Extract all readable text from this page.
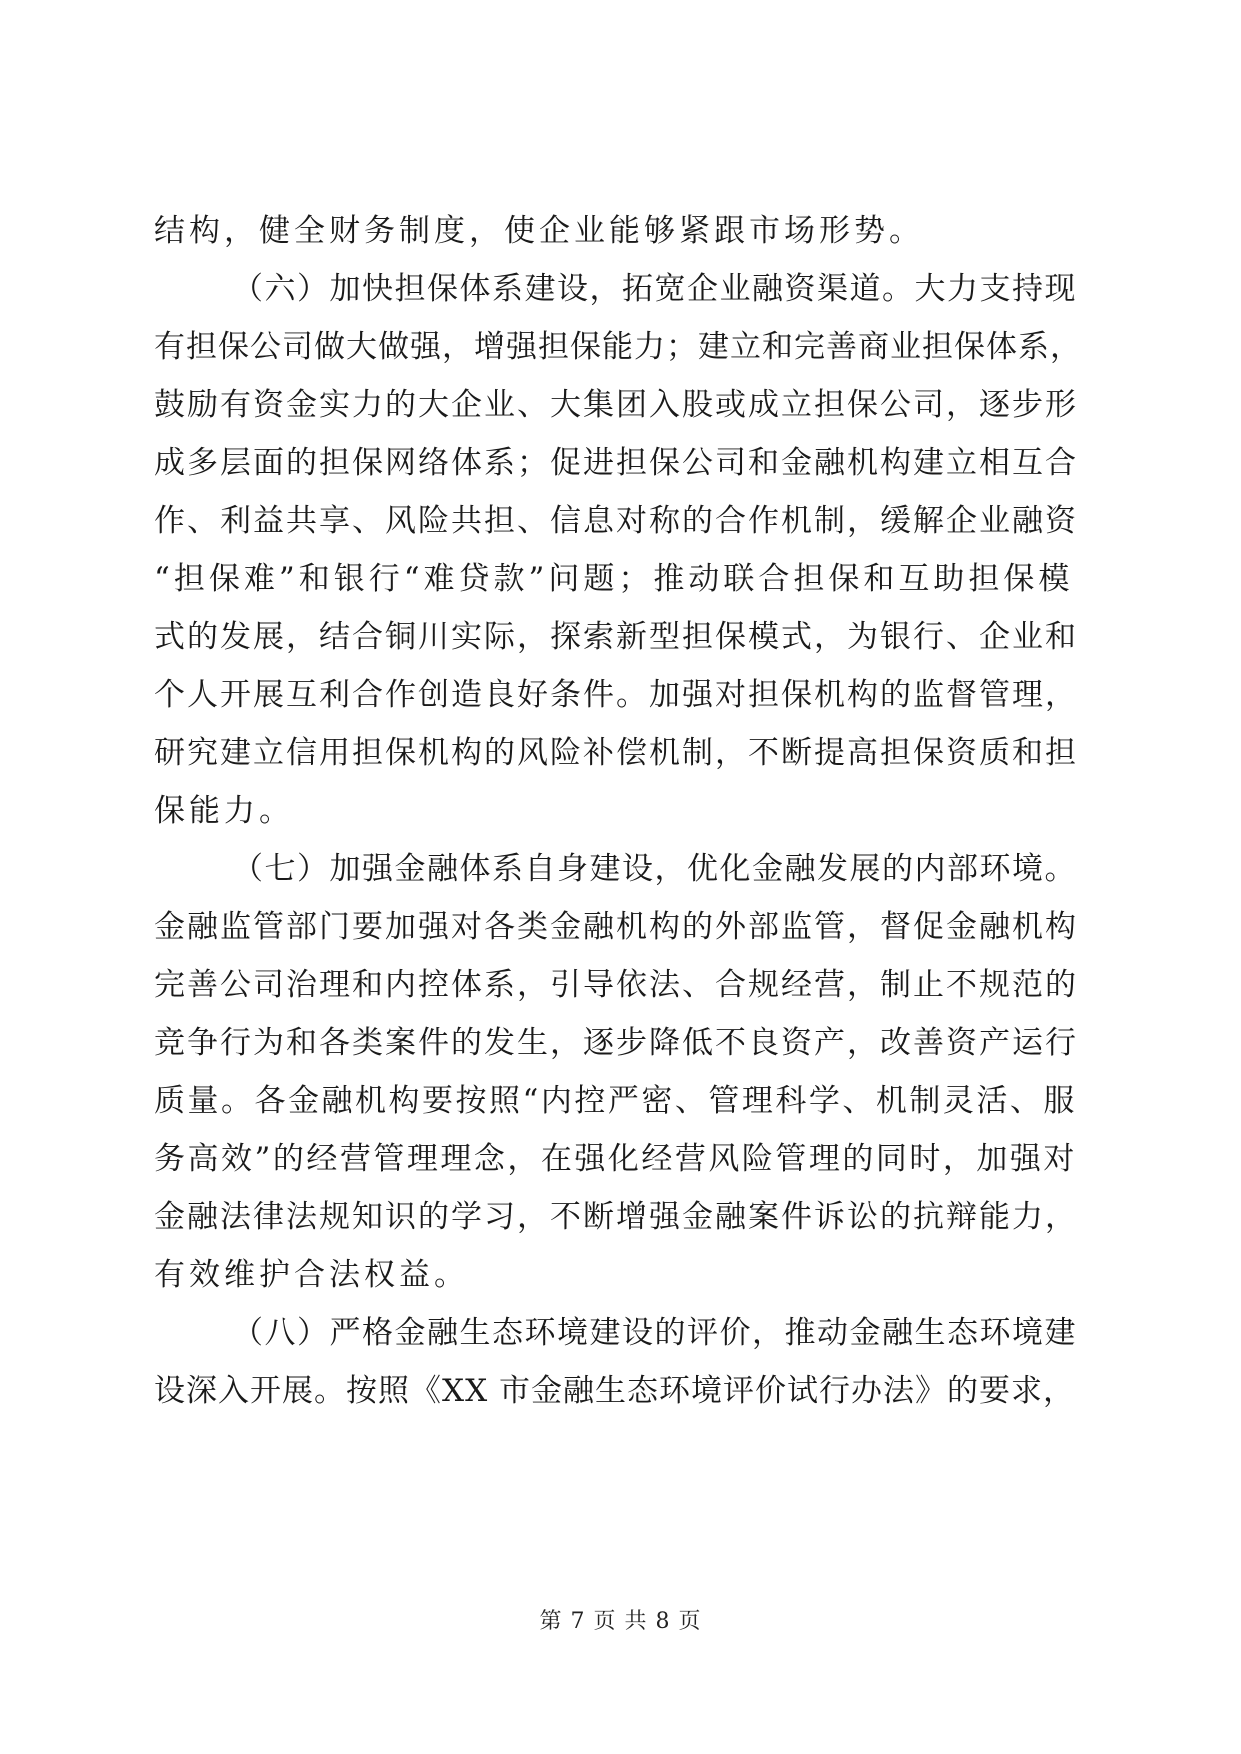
结构，健全财务制度，使企业能够紧跟市场形势。
（六）加快担保体系建设，拓宽企业融资渠道。大力支持现
有担保公司做大做强，增强担保能力；建立和完善商业担保体系，
鼓励有资金实力的大企业、大集团入股或成立担保公司，逐步形
成多层面的担保网络体系；促进担保公司和金融机构建立相互合
作、利益共享、风险共担、信息对称的合作机制，缓解企业融资
“担保难”和银行“难贷款”问题；推动联合担保和互助担保模
式的发展，结合铜川实际，探索新型担保模式，为银行、企业和
个人开展互利合作创造良好条件。加强对担保机构的监督管理，
研究建立信用担保机构的风险补偿机制，不断提高担保资质和担
保能力。
（七）加强金融体系自身建设，优化金融发展的内部环境。
金融监管部门要加强对各类金融机构的外部监管，督促金融机构
完善公司治理和内控体系，引导依法、合规经营，制止不规范的
竞争行为和各类案件的发生，逐步降低不良资产，改善资产运行
质量。各金融机构要按照“内控严密、管理科学、机制灵活、服
务高效”的经营管理理念，在强化经营风险管理的同时，加强对
金融法律法规知识的学习，不断增强金融案件诉讼的抗辩能力，
有效维护合法权益。
（八）严格金融生态环境建设的评价，推动金融生态环境建
设深入开展。按照《XX 市金融生态环境评价试行办法》的要求，
第 7 页 共 8 页
